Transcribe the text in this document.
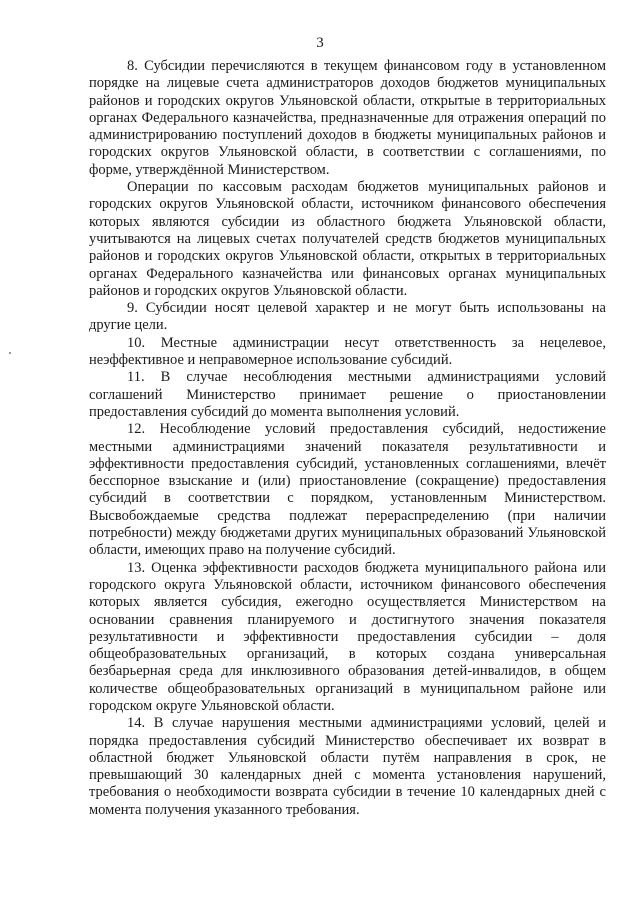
3

8. Субсидии перечисляются в текущем финансовом году в установленном порядке на лицевые счета администраторов доходов бюджетов муниципальных районов и городских округов Ульяновской области, открытые в территориальных органах Федерального казначейства, предназначенные для отражения операций по администрированию поступлений доходов в бюджеты муниципальных районов и городских округов Ульяновской области, в соответствии с соглашениями, по форме, утверждённой Министерством.

Операции по кассовым расходам бюджетов муниципальных районов и городских округов Ульяновской области, источником финансового обеспечения которых являются субсидии из областного бюджета Ульяновской области, учитываются на лицевых счетах получателей средств бюджетов муниципальных районов и городских округов Ульяновской области, открытых в территориальных органах Федерального казначейства или финансовых органах муниципальных районов и городских округов Ульяновской области.

9. Субсидии носят целевой характер и не могут быть использованы на другие цели.

10. Местные администрации несут ответственность за нецелевое, неэффективное и неправомерное использование субсидий.

11. В случае несоблюдения местными администрациями условий соглашений Министерство принимает решение о приостановлении предоставления субсидий до момента выполнения условий.

12. Несоблюдение условий предоставления субсидий, недостижение местными администрациями значений показателя результативности и эффективности предоставления субсидий, установленных соглашениями, влечёт бесспорное взыскание и (или) приостановление (сокращение) предоставления субсидий в соответствии с порядком, установленным Министерством. Высвобождаемые средства подлежат перераспределению (при наличии потребности) между бюджетами других муниципальных образований Ульяновской области, имеющих право на получение субсидий.

13. Оценка эффективности расходов бюджета муниципального района или городского округа Ульяновской области, источником финансового обеспечения которых является субсидия, ежегодно осуществляется Министерством на основании сравнения планируемого и достигнутого значения показателя результативности и эффективности предоставления субсидии – доля общеобразовательных организаций, в которых создана универсальная безбарьерная среда для инклюзивного образования детей-инвалидов, в общем количестве общеобразовательных организаций в муниципальном районе или городском округе Ульяновской области.

14. В случае нарушения местными администрациями условий, целей и порядка предоставления субсидий Министерство обеспечивает их возврат в областной бюджет Ульяновской области путём направления в срок, не превышающий 30 календарных дней с момента установления нарушений, требования о необходимости возврата субсидии в течение 10 календарных дней с момента получения указанного требования.
